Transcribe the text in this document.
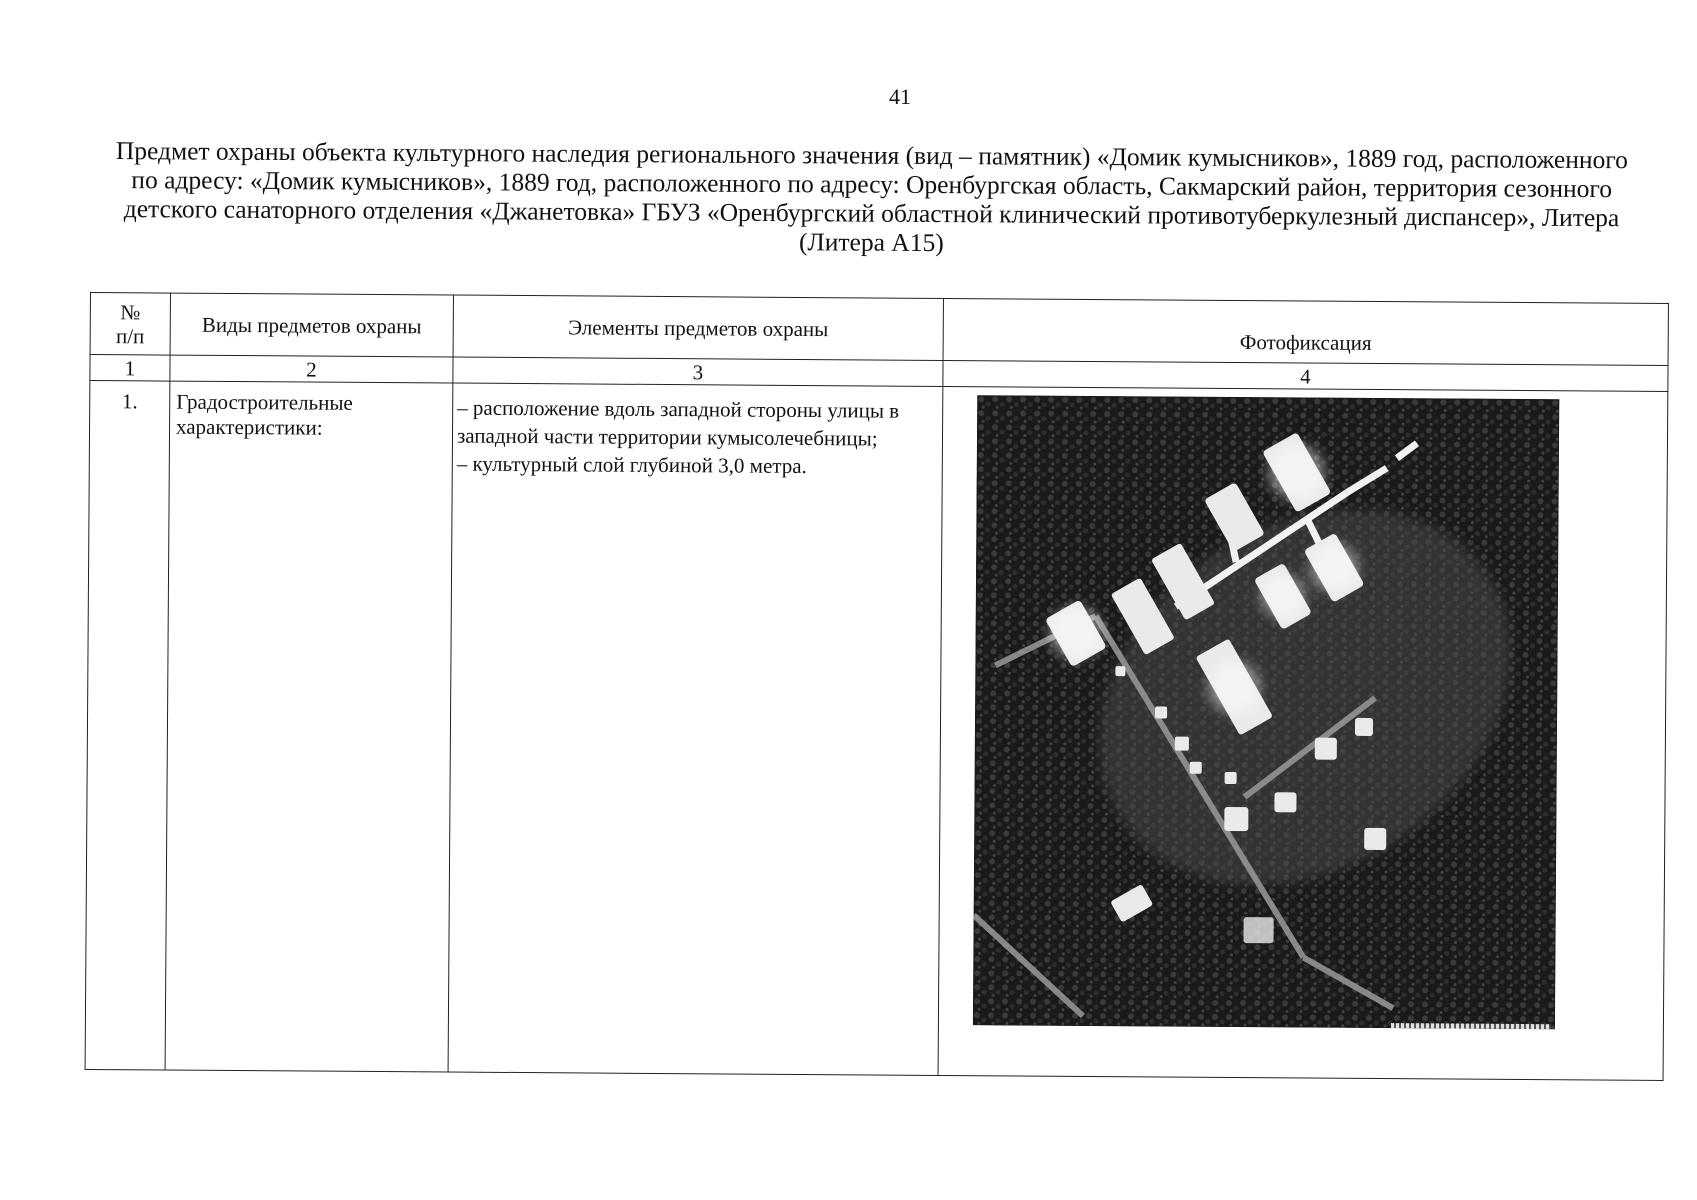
41
Предмет охраны объекта культурного наследия регионального значения (вид – памятник) «Домик кумысников», 1889 год, расположенного по адресу: «Домик кумысников», 1889 год, расположенного по адресу: Оренбургская область, Сакмарский район, территория сезонного детского санаторного отделения «Джанетовка» ГБУЗ «Оренбургский областной клинический противотуберкулезный диспансер», Литера (Литера А15)
№
п/п	Виды предметов охраны	Элементы предметов охраны	Фотофиксация
1	2	3	4
1.	Градостроительные характеристики:	– расположение вдоль западной стороны улицы в западной части территории кумысолечебницы;
– культурный слой глубиной 3,0 метра.
